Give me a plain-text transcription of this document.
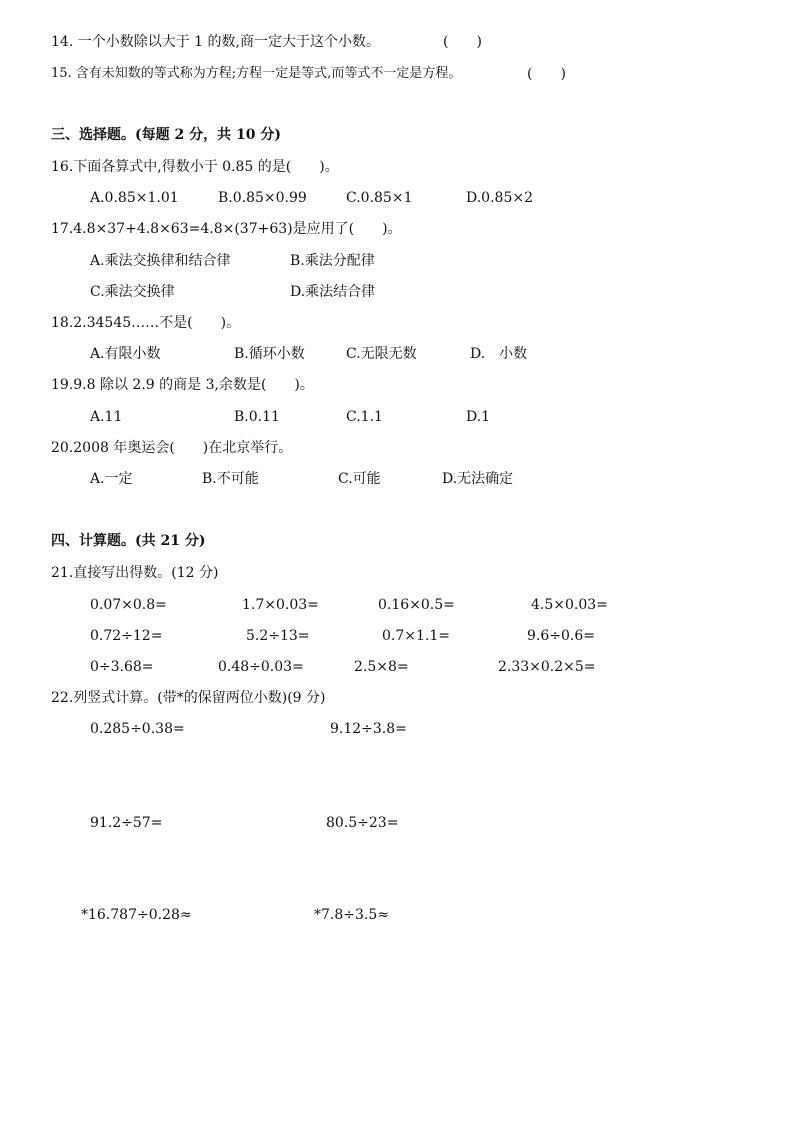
14. 一个小数除以大于 1 的数,商一定大于这个小数。	(　　)
15. 含有未知数的等式称为方程;方程一定是等式,而等式不一定是方程。	(　　)
三、选择题。(每题 2 分，共 10 分)
16.下面各算式中,得数小于 0.85 的是(　　)。
A.0.85×1.01	B.0.85×0.99	C.0.85×1	D.0.85×2
17.4.8×37+4.8×63=4.8×(37+63)是应用了(　　)。
A.乘法交换律和结合律	B.乘法分配律
C.乘法交换律	D.乘法结合律
18.2.34545……不是(　　)。
A.有限小数	B.循环小数	C.无限无数	D.　小数
19.9.8 除以 2.9 的商是 3,余数是(　　)。
A.11	B.0.11	C.1.1	D.1
20.2008 年奥运会(　　)在北京举行。
A.一定	B.不可能	C.可能	D.无法确定
四、计算题。(共 21 分)
21.直接写出得数。(12 分)
0.07×0.8=	1.7×0.03=	0.16×0.5=	4.5×0.03=
0.72÷12=	5.2÷13=	0.7×1.1=	9.6÷0.6=
0÷3.68=	0.48÷0.03=	2.5×8=	2.33×0.2×5=
22.列竖式计算。(带*的保留两位小数)(9 分)
0.285÷0.38=	9.12÷3.8=
91.2÷57=	80.5÷23=
*16.787÷0.28≈	*7.8÷3.5≈
